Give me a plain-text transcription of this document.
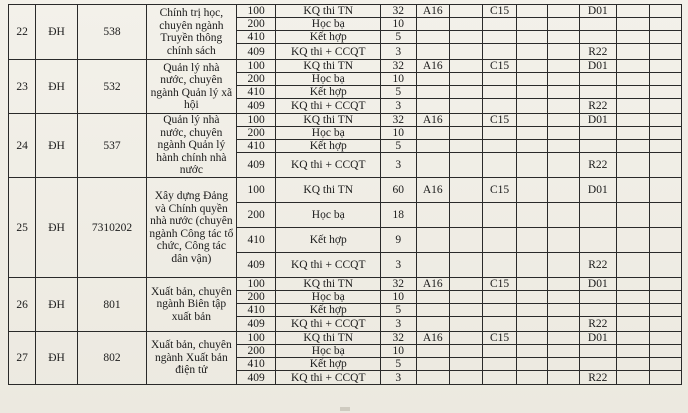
22	ĐH	538	Chính trị học, chuyên ngành Truyền thông chính sách	100	KQ thi TN	32	A16		C15			D01		
				200	Học bạ	10								
				410	Kết hợp	5								
				409	KQ thi + CCQT	3						R22		
23	ĐH	532	Quản lý nhà nước, chuyên ngành Quản lý xã hội	100	KQ thi TN	32	A16		C15			D01		
				200	Học bạ	10								
				410	Kết hợp	5								
				409	KQ thi + CCQT	3						R22		
24	ĐH	537	Quản lý nhà nước, chuyên ngành Quản lý hành chính nhà nước	100	KQ thi TN	32	A16		C15			D01		
				200	Học bạ	10								
				410	Kết hợp	5								
				409	KQ thi + CCQT	3						R22		
25	ĐH	7310202	Xây dựng Đảng và Chính quyền nhà nước (chuyên ngành Công tác tổ chức, Công tác dân vận)	100	KQ thi TN	60	A16		C15			D01		
				200	Học bạ	18								
				410	Kết hợp	9								
				409	KQ thi + CCQT	3						R22		
26	ĐH	801	Xuất bản, chuyên ngành Biên tập xuất bản	100	KQ thi TN	32	A16		C15			D01		
				200	Học bạ	10								
				410	Kết hợp	5								
				409	KQ thi + CCQT	3						R22		
27	ĐH	802	Xuất bản, chuyên ngành Xuất bản điện tử	100	KQ thi TN	32	A16		C15			D01		
				200	Học bạ	10								
				410	Kết hợp	5								
				409	KQ thi + CCQT	3						R22		
